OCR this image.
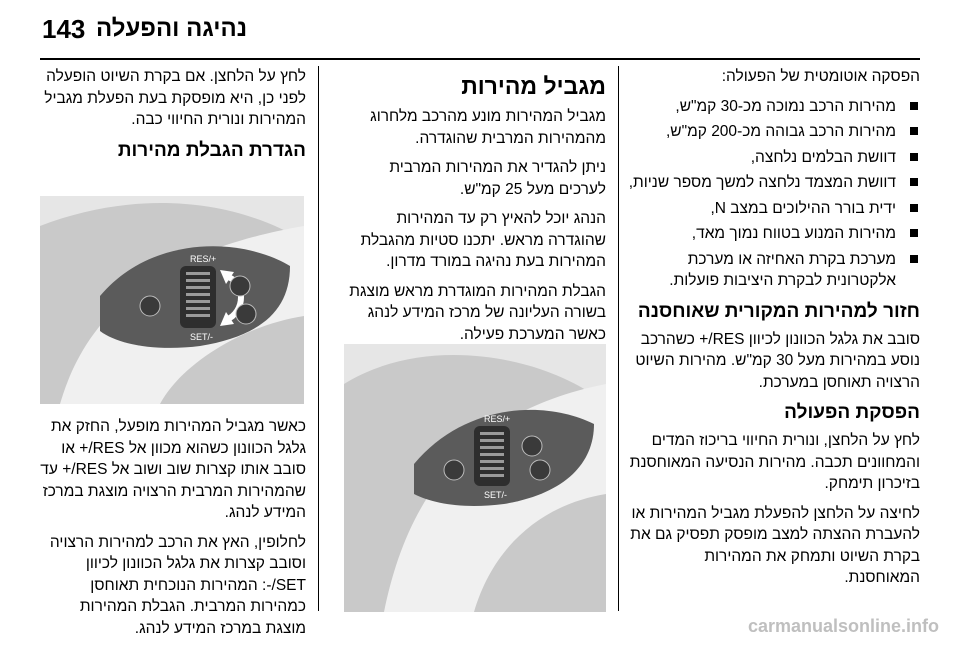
143 נהיגה והפעלה

הפסקה אוטומטית של הפעולה:

מהירות הרכב נמוכה מכ-30 קמ"ש,
מהירות הרכב גבוהה מכ-200 קמ"ש,
דוושת הבלמים נלחצה,
דוושת המצמד נלחצה למשך מספר שניות,
ידית בורר ההילוכים במצב N,
מהירות המנוע בטווח נמוך מאד,
מערכת בקרת האחיזה או מערכת אלקטרונית לבקרת היציבות פועלות.
חזור למהירות המקורית שאוחסנה

סובב את גלגל הכוונון לכיוון RES/+ כשהרכב נוסע במהירות מעל 30 קמ"ש. מהירות השיוט הרצויה תאוחסן במערכת.

הפסקת הפעולה

לחץ על הלחצן, ונורית החיווי בריכוז המדים והמחוונים תכבה. מהירות הנסיעה המאוחסנת בזיכרון תימחק.

לחיצה על הלחצן להפעלת מגביל המהירות או להעברת ההצתה למצב מופסק תפסיק גם את בקרת השיוט ותמחק את המהירות המאוחסנת.

מגביל מהירות

מגביל המהירות מונע מהרכב מלחרוג מהמהירות המרבית שהוגדרה.

ניתן להגדיר את המהירות המרבית לערכים מעל 25 קמ"ש.

הנהג יוכל להאיץ רק עד המהירות שהוגדרה מראש. יתכנו סטיות מהגבלת המהירות בעת נהיגה במורד מדרון.

הגבלת המהירות המוגדרת מראש מוצגת בשורה העליונה של מרכז המידע לנהג כאשר המערכת פעילה.

RES/+
SET/-

לחץ על הלחצן. אם בקרת השיוט הופעלה לפני כן, היא מופסקת בעת הפעלת מגביל המהירות ונורית החיווי כבה.

הגדרת הגבלת מהירות
RES/+
SET/-

כאשר מגביל המהירות מופעל, החזק את גלגל הכוונון כשהוא מכוון אל RES/+ או סובב אותו קצרות שוב ושוב אל RES/+ עד שהמהירות המרבית הרצויה מוצגת במרכז המידע לנהג.

לחלופין, האץ את הרכב למהירות הרצויה וסובב קצרות את גלגל הכוונון לכיוון SET/-: המהירות הנוכחית תאוחסן כמהירות המרבית. הגבלת המהירות מוצגת במרכז המידע לנהג.	carmanualsonline.info
